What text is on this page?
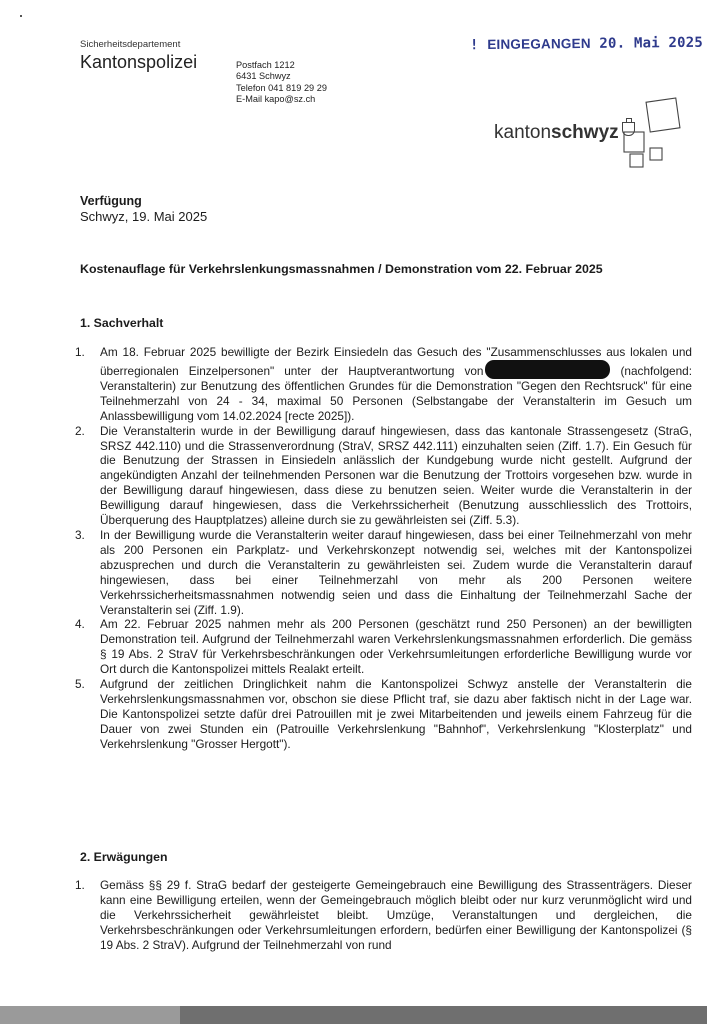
Sicherheitsdepartement
Kantonspolizei	Postfach 1212
6431 Schwyz
Telefon 041 819 29 29
E-Mail kapo@sz.ch
! EINGEGANGEN 20. Mai 2025
kantonschwyz
Verfügung
Schwyz, 19. Mai 2025
Kostenauflage für Verkehrslenkungsmassnahmen / Demonstration vom 22. Februar 2025
1. Sachverhalt
1. Am 18. Februar 2025 bewilligte der Bezirk Einsiedeln das Gesuch des "Zusammenschlusses aus lokalen und überregionalen Einzelpersonen" unter der Hauptverantwortung von	(nachfolgend: Veranstalterin) zur Benutzung des öffentlichen Grundes für die Demonstration "Gegen den Rechtsruck" für eine Teilnehmerzahl von 24 - 34, maximal 50 Personen (Selbstangabe der Veranstalterin im Gesuch um Anlassbewilligung vom 14.02.2024 [recte 2025]).
2. Die Veranstalterin wurde in der Bewilligung darauf hingewiesen, dass das kantonale Strassengesetz (StraG, SRSZ 442.110) und die Strassenverordnung (StraV, SRSZ 442.111) einzuhalten seien (Ziff. 1.7). Ein Gesuch für die Benutzung der Strassen in Einsiedeln anlässlich der Kundgebung wurde nicht gestellt. Aufgrund der angekündigten Anzahl der teilnehmenden Personen war die Benutzung der Trottoirs vorgesehen bzw. wurde in der Bewilligung darauf hingewiesen, dass diese zu benutzen seien. Weiter wurde die Veranstalterin in der Bewilligung darauf hingewiesen, dass die Verkehrssicherheit (Benutzung ausschliesslich des Trottoirs, Überquerung des Hauptplatzes) alleine durch sie zu gewährleisten sei (Ziff. 5.3).
3. In der Bewilligung wurde die Veranstalterin weiter darauf hingewiesen, dass bei einer Teilnehmerzahl von mehr als 200 Personen ein Parkplatz- und Verkehrskonzept notwendig sei, welches mit der Kantonspolizei abzusprechen und durch die Veranstalterin zu gewährleisten sei. Zudem wurde die Veranstalterin darauf hingewiesen, dass bei einer Teilnehmerzahl von mehr als 200 Personen weitere Verkehrssicherheitsmassnahmen notwendig seien und dass die Einhaltung der Teilnehmerzahl Sache der Veranstalterin sei (Ziff. 1.9).
4. Am 22. Februar 2025 nahmen mehr als 200 Personen (geschätzt rund 250 Personen) an der bewilligten Demonstration teil. Aufgrund der Teilnehmerzahl waren Verkehrslenkungsmassnahmen erforderlich. Die gemäss § 19 Abs. 2 StraV für Verkehrsbeschränkungen oder Verkehrsumleitungen erforderliche Bewilligung wurde vor Ort durch die Kantonspolizei mittels Realakt erteilt.
5. Aufgrund der zeitlichen Dringlichkeit nahm die Kantonspolizei Schwyz anstelle der Veranstalterin die Verkehrslenkungsmassnahmen vor, obschon sie diese Pflicht traf, sie dazu aber faktisch nicht in der Lage war. Die Kantonspolizei setzte dafür drei Patrouillen mit je zwei Mitarbeitenden und jeweils einem Fahrzeug für die Dauer von zwei Stunden ein (Patrouille Verkehrslenkung "Bahnhof", Verkehrslenkung "Klosterplatz" und Verkehrslenkung "Grosser Hergott").
2. Erwägungen
1. Gemäss §§ 29 f. StraG bedarf der gesteigerte Gemeingebrauch eine Bewilligung des Strassenträgers. Dieser kann eine Bewilligung erteilen, wenn der Gemeingebrauch möglich bleibt oder nur kurz verunmöglicht wird und die Verkehrssicherheit gewährleistet bleibt. Umzüge, Veranstaltungen und dergleichen, die Verkehrsbeschränkungen oder Verkehrsumleitungen erfordern, bedürfen einer Bewilligung der Kantonspolizei (§ 19 Abs. 2 StraV). Aufgrund der Teilnehmerzahl von rund
